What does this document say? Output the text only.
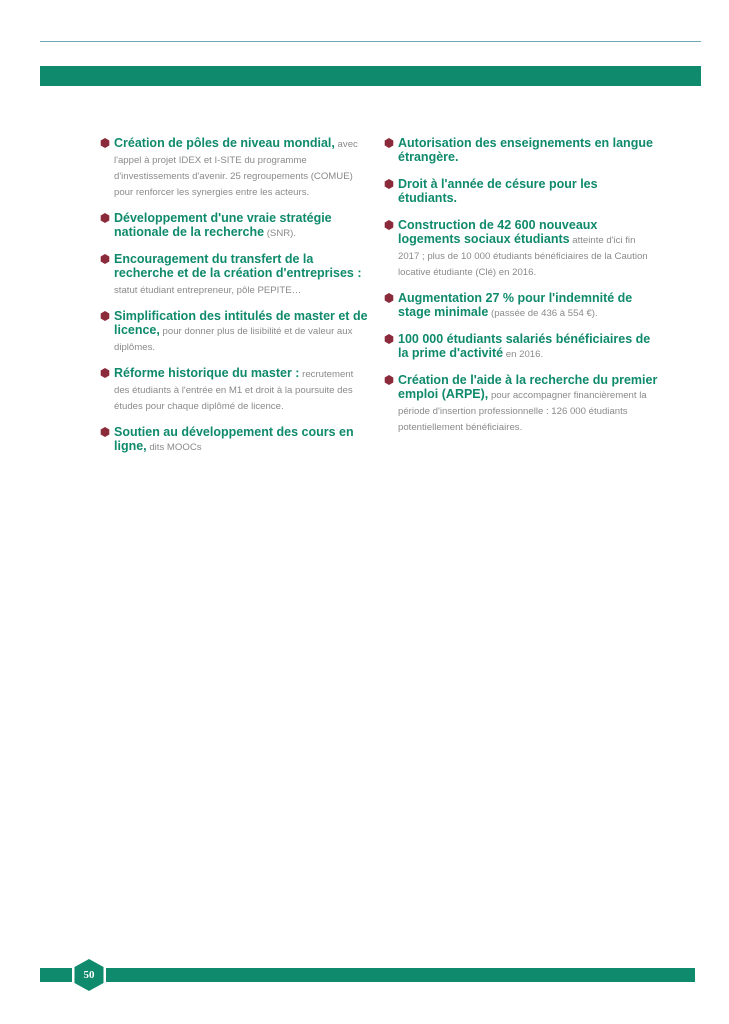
Création de pôles de niveau mondial, avec l'appel à projet IDEX et I-SITE du programme d'investissements d'avenir. 25 regroupements (COMUE) pour renforcer les synergies entre les acteurs.
Développement d'une vraie stratégie nationale de la recherche (SNR).
Encouragement du transfert de la recherche et de la création d'entreprises : statut étudiant entrepreneur, pôle PEPITE…
Simplification des intitulés de master et de licence, pour donner plus de lisibilité et de valeur aux diplômes.
Réforme historique du master : recrutement des étudiants à l'entrée en M1 et droit à la poursuite des études pour chaque diplômé de licence.
Soutien au développement des cours en ligne, dits MOOCs
Autorisation des enseignements en langue étrangère.
Droit à l'année de césure pour les étudiants.
Construction de 42 600 nouveaux logements sociaux étudiants atteinte d'ici fin 2017 ; plus de 10 000 étudiants bénéficiaires de la Caution locative étudiante (Clé) en 2016.
Augmentation 27 % pour l'indemnité de stage minimale (passée de 436 à 554 €).
100 000 étudiants salariés bénéficiaires de la prime d'activité en 2016.
Création de l'aide à la recherche du premier emploi (ARPE), pour accompagner financièrement la période d'insertion professionnelle : 126 000 étudiants potentiellement bénéficiaires.
50
